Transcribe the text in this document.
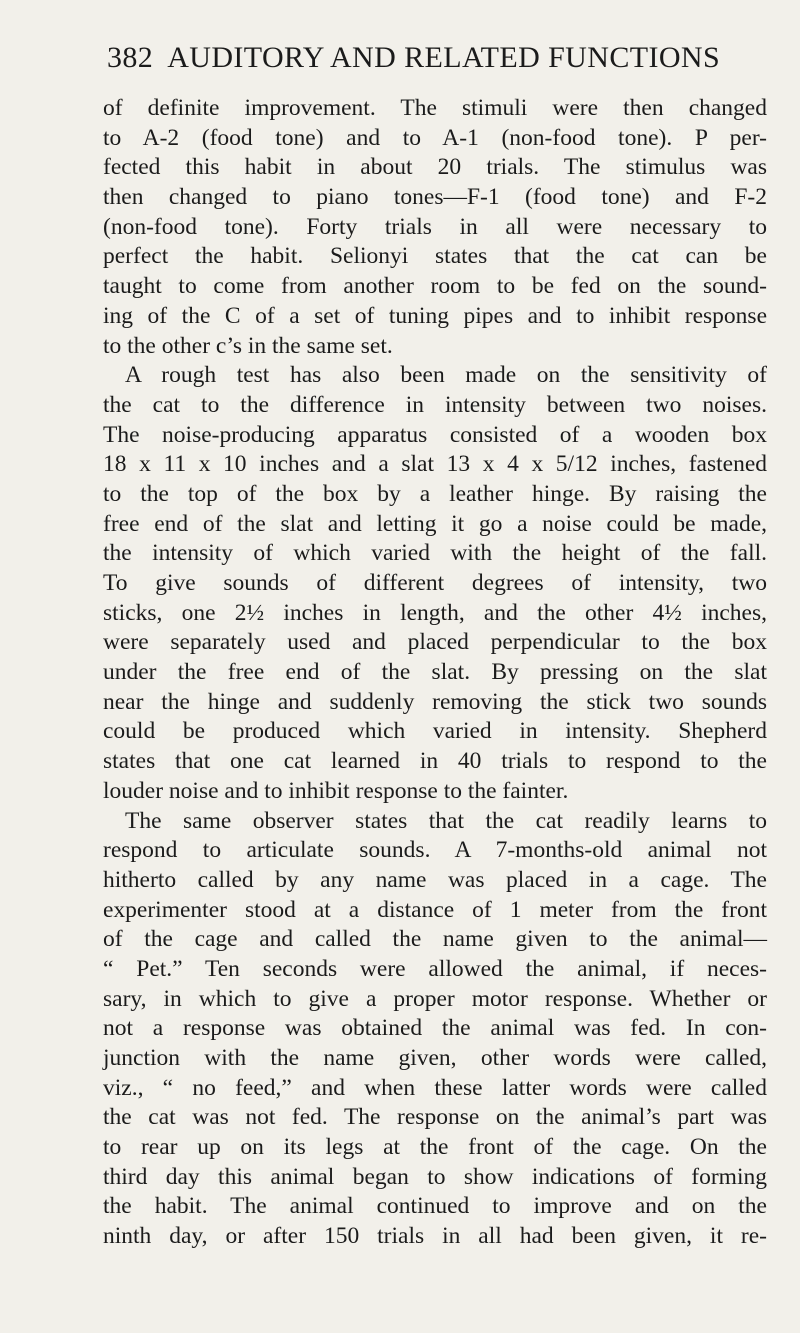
382 AUDITORY AND RELATED FUNCTIONS
of definite improvement. The stimuli were then changed
to A-2 (food tone) and to A-1 (non-food tone). P per-
fected this habit in about 20 trials. The stimulus was
then changed to piano tones—F-1 (food tone) and F-2
(non-food tone). Forty trials in all were necessary to
perfect the habit. Selionyi states that the cat can be
taught to come from another room to be fed on the sound-
ing of the C of a set of tuning pipes and to inhibit response
to the other c’s in the same set.
A rough test has also been made on the sensitivity of
the cat to the difference in intensity between two noises.
The noise-producing apparatus consisted of a wooden box
18 x 11 x 10 inches and a slat 13 x 4 x 5/12 inches, fastened
to the top of the box by a leather hinge. By raising the
free end of the slat and letting it go a noise could be made,
the intensity of which varied with the height of the fall.
To give sounds of different degrees of intensity, two
sticks, one 2½ inches in length, and the other 4½ inches,
were separately used and placed perpendicular to the box
under the free end of the slat. By pressing on the slat
near the hinge and suddenly removing the stick two sounds
could be produced which varied in intensity. Shepherd
states that one cat learned in 40 trials to respond to the
louder noise and to inhibit response to the fainter.
The same observer states that the cat readily learns to
respond to articulate sounds. A 7-months-old animal not
hitherto called by any name was placed in a cage. The
experimenter stood at a distance of 1 meter from the front
of the cage and called the name given to the animal—
“ Pet.” Ten seconds were allowed the animal, if neces-
sary, in which to give a proper motor response. Whether or
not a response was obtained the animal was fed. In con-
junction with the name given, other words were called,
viz., “ no feed,” and when these latter words were called
the cat was not fed. The response on the animal’s part was
to rear up on its legs at the front of the cage. On the
third day this animal began to show indications of forming
the habit. The animal continued to improve and on the
ninth day, or after 150 trials in all had been given, it re-
